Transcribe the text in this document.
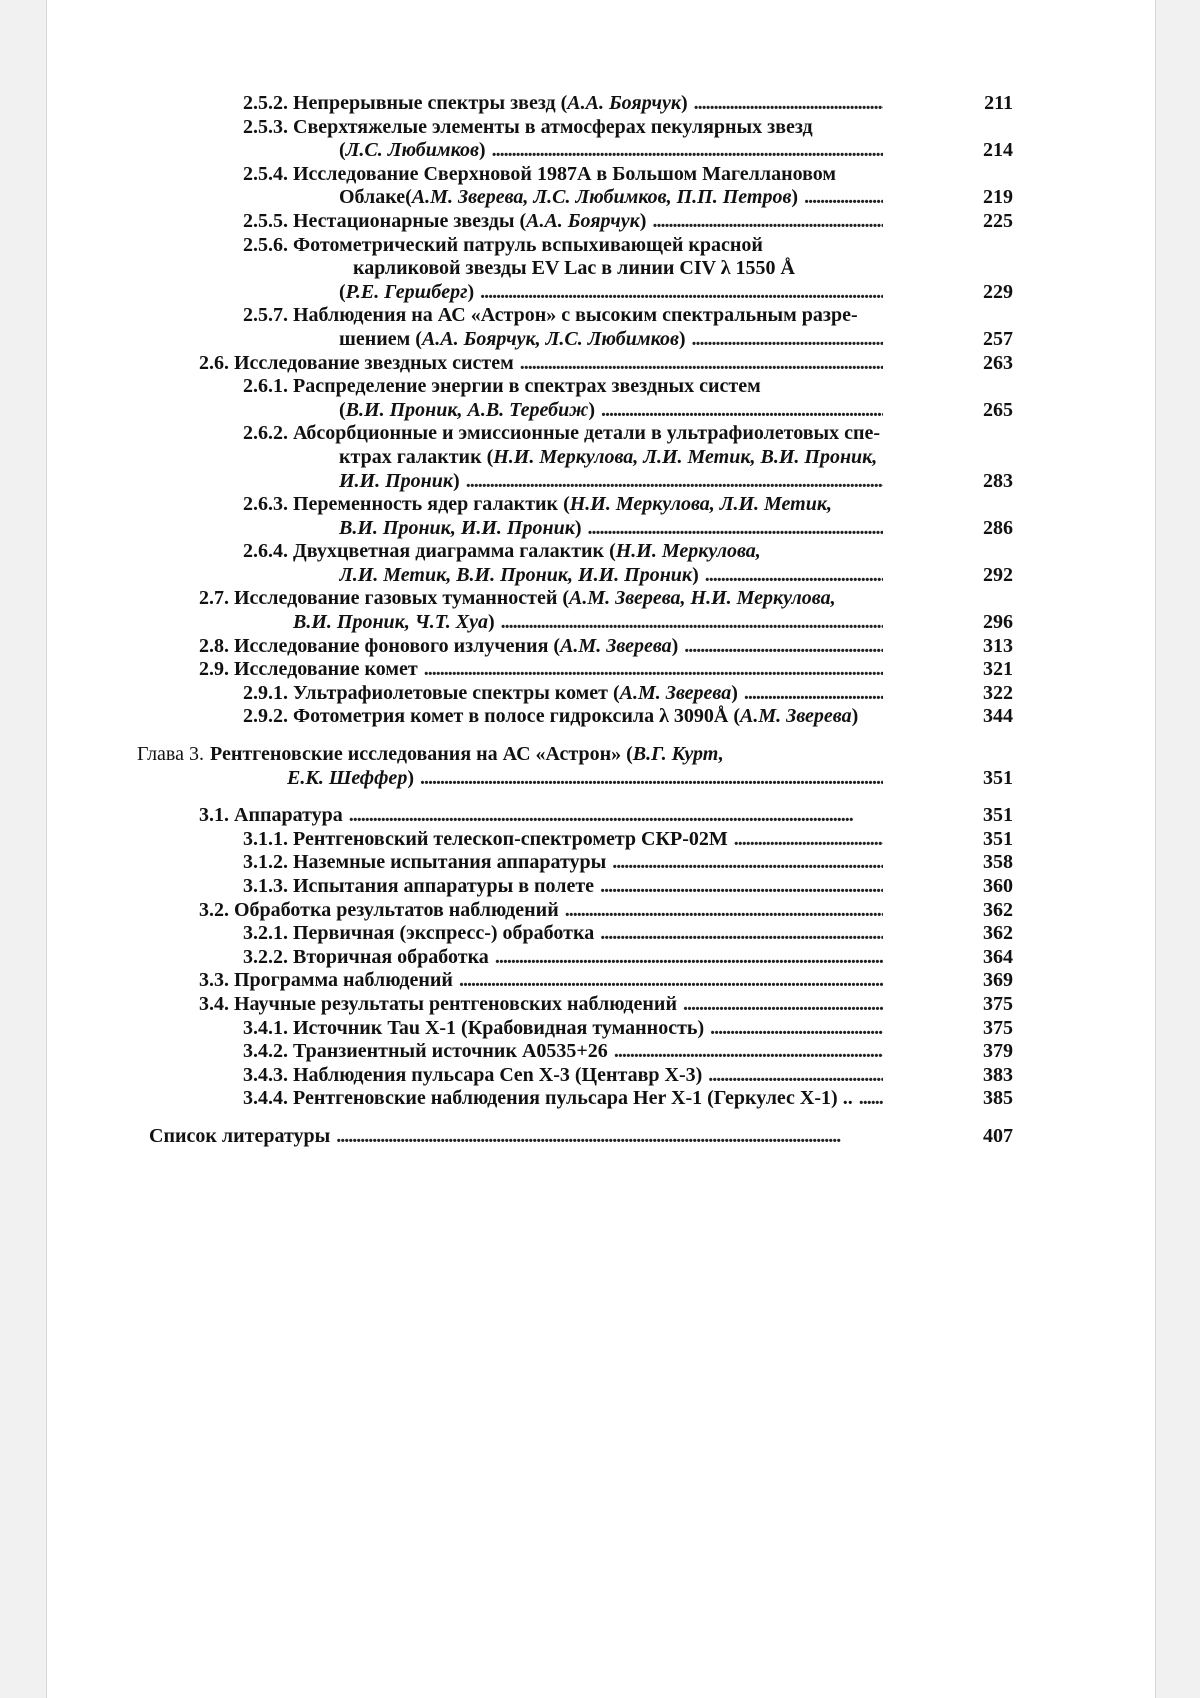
2.5.2. Непрерывные спектры звезд (А.А. Боярчук) . . .	211
2.5.3. Сверхтяжелые элементы в атмосферах пекулярных звезд
(Л.С. Любимков) . . .	214
2.5.4. Исследование Сверхновой 1987А в Большом Магеллановом
Облаке(А.М. Зверева, Л.С. Любимков, П.П. Петров) . . .	219
2.5.5. Нестационарные звезды (А.А. Боярчук) . . .	225
2.5.6. Фотометрический патруль вспыхивающей красной
карликовой звезды EV Lac в линии CIV λ 1550 Å
(Р.Е. Гершберг) . . .	229
2.5.7. Наблюдения на АС «Астрон» с высоким спектральным разре-
шением (А.А. Боярчук, Л.С. Любимков) . . .	257
2.6. Исследование звездных систем . . .	263
2.6.1. Распределение энергии в спектрах звездных систем
(В.И. Проник, А.В. Теребиж) . . .	265
2.6.2. Абсорбционные и эмиссионные детали в ультрафиолетовых спе-
ктрах галактик (Н.И. Меркулова, Л.И. Метик, В.И. Проник,
И.И. Проник) . . .	283
2.6.3. Переменность ядер галактик (Н.И. Меркулова, Л.И. Метик,
В.И. Проник, И.И. Проник) . . .	286
2.6.4. Двухцветная диаграмма галактик (Н.И. Меркулова,
Л.И. Метик, В.И. Проник, И.И. Проник) . . .	292
2.7. Исследование газовых туманностей (А.М. Зверева, Н.И. Меркулова,
В.И. Проник, Ч.Т. Хуа) . . .	296
2.8. Исследование фонового излучения (А.М. Зверева) . . .	313
2.9. Исследование комет . . .	321
2.9.1. Ультрафиолетовые спектры комет (А.М. Зверева) . . .	322
2.9.2. Фотометрия комет в полосе гидроксила λ 3090Å (А.М. Зверева)	344
Глава 3. Рентгеновские исследования на АС «Астрон» (В.Г. Курт,
Е.К. Шеффер) . . .	351
3.1. Аппаратура . . .	351
3.1.1. Рентгеновский телескоп-спектрометр СКР-02М . . .	351
3.1.2. Наземные испытания аппаратуры . . .	358
3.1.3. Испытания аппаратуры в полете . . .	360
3.2. Обработка результатов наблюдений . . .	362
3.2.1. Первичная (экспресс-) обработка . . .	362
3.2.2. Вторичная обработка . . .	364
3.3. Программа наблюдений . . .	369
3.4. Научные результаты рентгеновских наблюдений . . .	375
3.4.1. Источник Tau X-1 (Крабовидная туманность) . . .	375
3.4.2. Транзиентный источник А0535+26 . . .	379
3.4.3. Наблюдения пульсара Cen X-3 (Центавр X-3) . . .	383
3.4.4. Рентгеновские наблюдения пульсара Her X-1 (Геркулес X-1) .. . . .	385
Список литературы . . .	407
